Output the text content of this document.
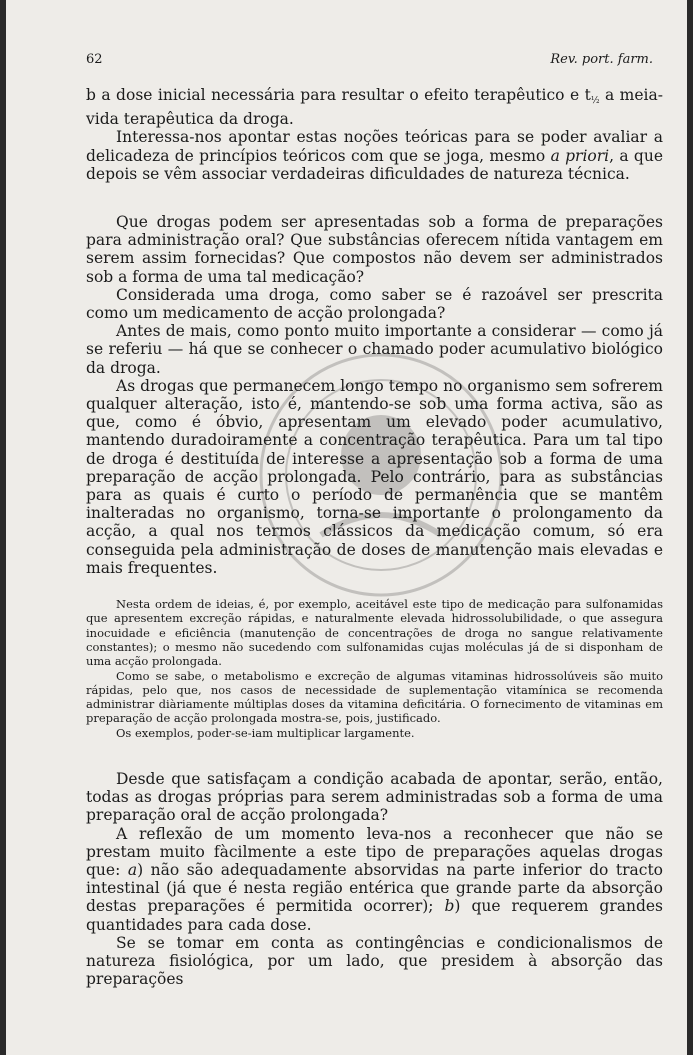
62	Rev. port. farm.

b a dose inicial necessária para resultar o efeito terapêutico e $t_{\frac{1}{2}}$ a meia-vida terapêutica da droga.

Interessa-nos apontar estas noções teóricas para se poder avaliar a delicadeza de princípios teóricos com que se joga, mesmo a priori, a que depois se vêm associar verdadeiras dificuldades de natureza técnica.

Que drogas podem ser apresentadas sob a forma de preparações para administração oral? Que substâncias oferecem nítida vantagem em serem assim fornecidas? Que compostos não devem ser administrados sob a forma de uma tal medicação?

Considerada uma droga, como saber se é razoável ser prescrita como um medicamento de acção prolongada?

Antes de mais, como ponto muito importante a considerar — como já se referiu — há que se conhecer o chamado poder acumulativo biológico da droga.

As drogas que permanecem longo tempo no organismo sem sofrerem qualquer alteração, isto é, mantendo-se sob uma forma activa, são as que, como é óbvio, apresentam um elevado poder acumulativo, mantendo duradoiramente a concentração terapêutica. Para um tal tipo de droga é destituída de interesse a apresentação sob a forma de uma preparação de acção prolongada. Pelo contrário, para as substâncias para as quais é curto o período de permanência que se mantêm inalteradas no organismo, torna-se importante o prolongamento da acção, a qual nos termos clássicos da medicação comum, só era conseguida pela administração de doses de manutenção mais elevadas e mais frequentes.

Nesta ordem de ideias, é, por exemplo, aceitável este tipo de medicação para sulfonamidas que apresentem excreção rápidas, e naturalmente elevada hidrossolubilidade, o que assegura inocuidade e eficiência (manutenção de concentrações de droga no sangue relativamente constantes); o mesmo não sucedendo com sulfonamidas cujas moléculas já de si disponham de uma acção prolongada.

Como se sabe, o metabolismo e excreção de algumas vitaminas hidrossolúveis são muito rápidas, pelo que, nos casos de necessidade de suplementação vitamínica se recomenda administrar diàriamente múltiplas doses da vitamina deficitária. O fornecimento de vitaminas em preparação de acção prolongada mostra-se, pois, justificado.

Os exemplos, poder-se-iam multiplicar largamente.

Desde que satisfaçam a condição acabada de apontar, serão, então, todas as drogas próprias para serem administradas sob a forma de uma preparação oral de acção prolongada?

A reflexão de um momento leva-nos a reconhecer que não se prestam muito fàcilmente a este tipo de preparações aquelas drogas que: a) não são adequadamente absorvidas na parte inferior do tracto intestinal (já que é nesta região entérica que grande parte da absorção destas preparações é permitida ocorrer); b) que requerem grandes quantidades para cada dose.

Se se tomar em conta as contingências e condicionalismos de natureza fisiológica, por um lado, que presidem à absorção das preparações
